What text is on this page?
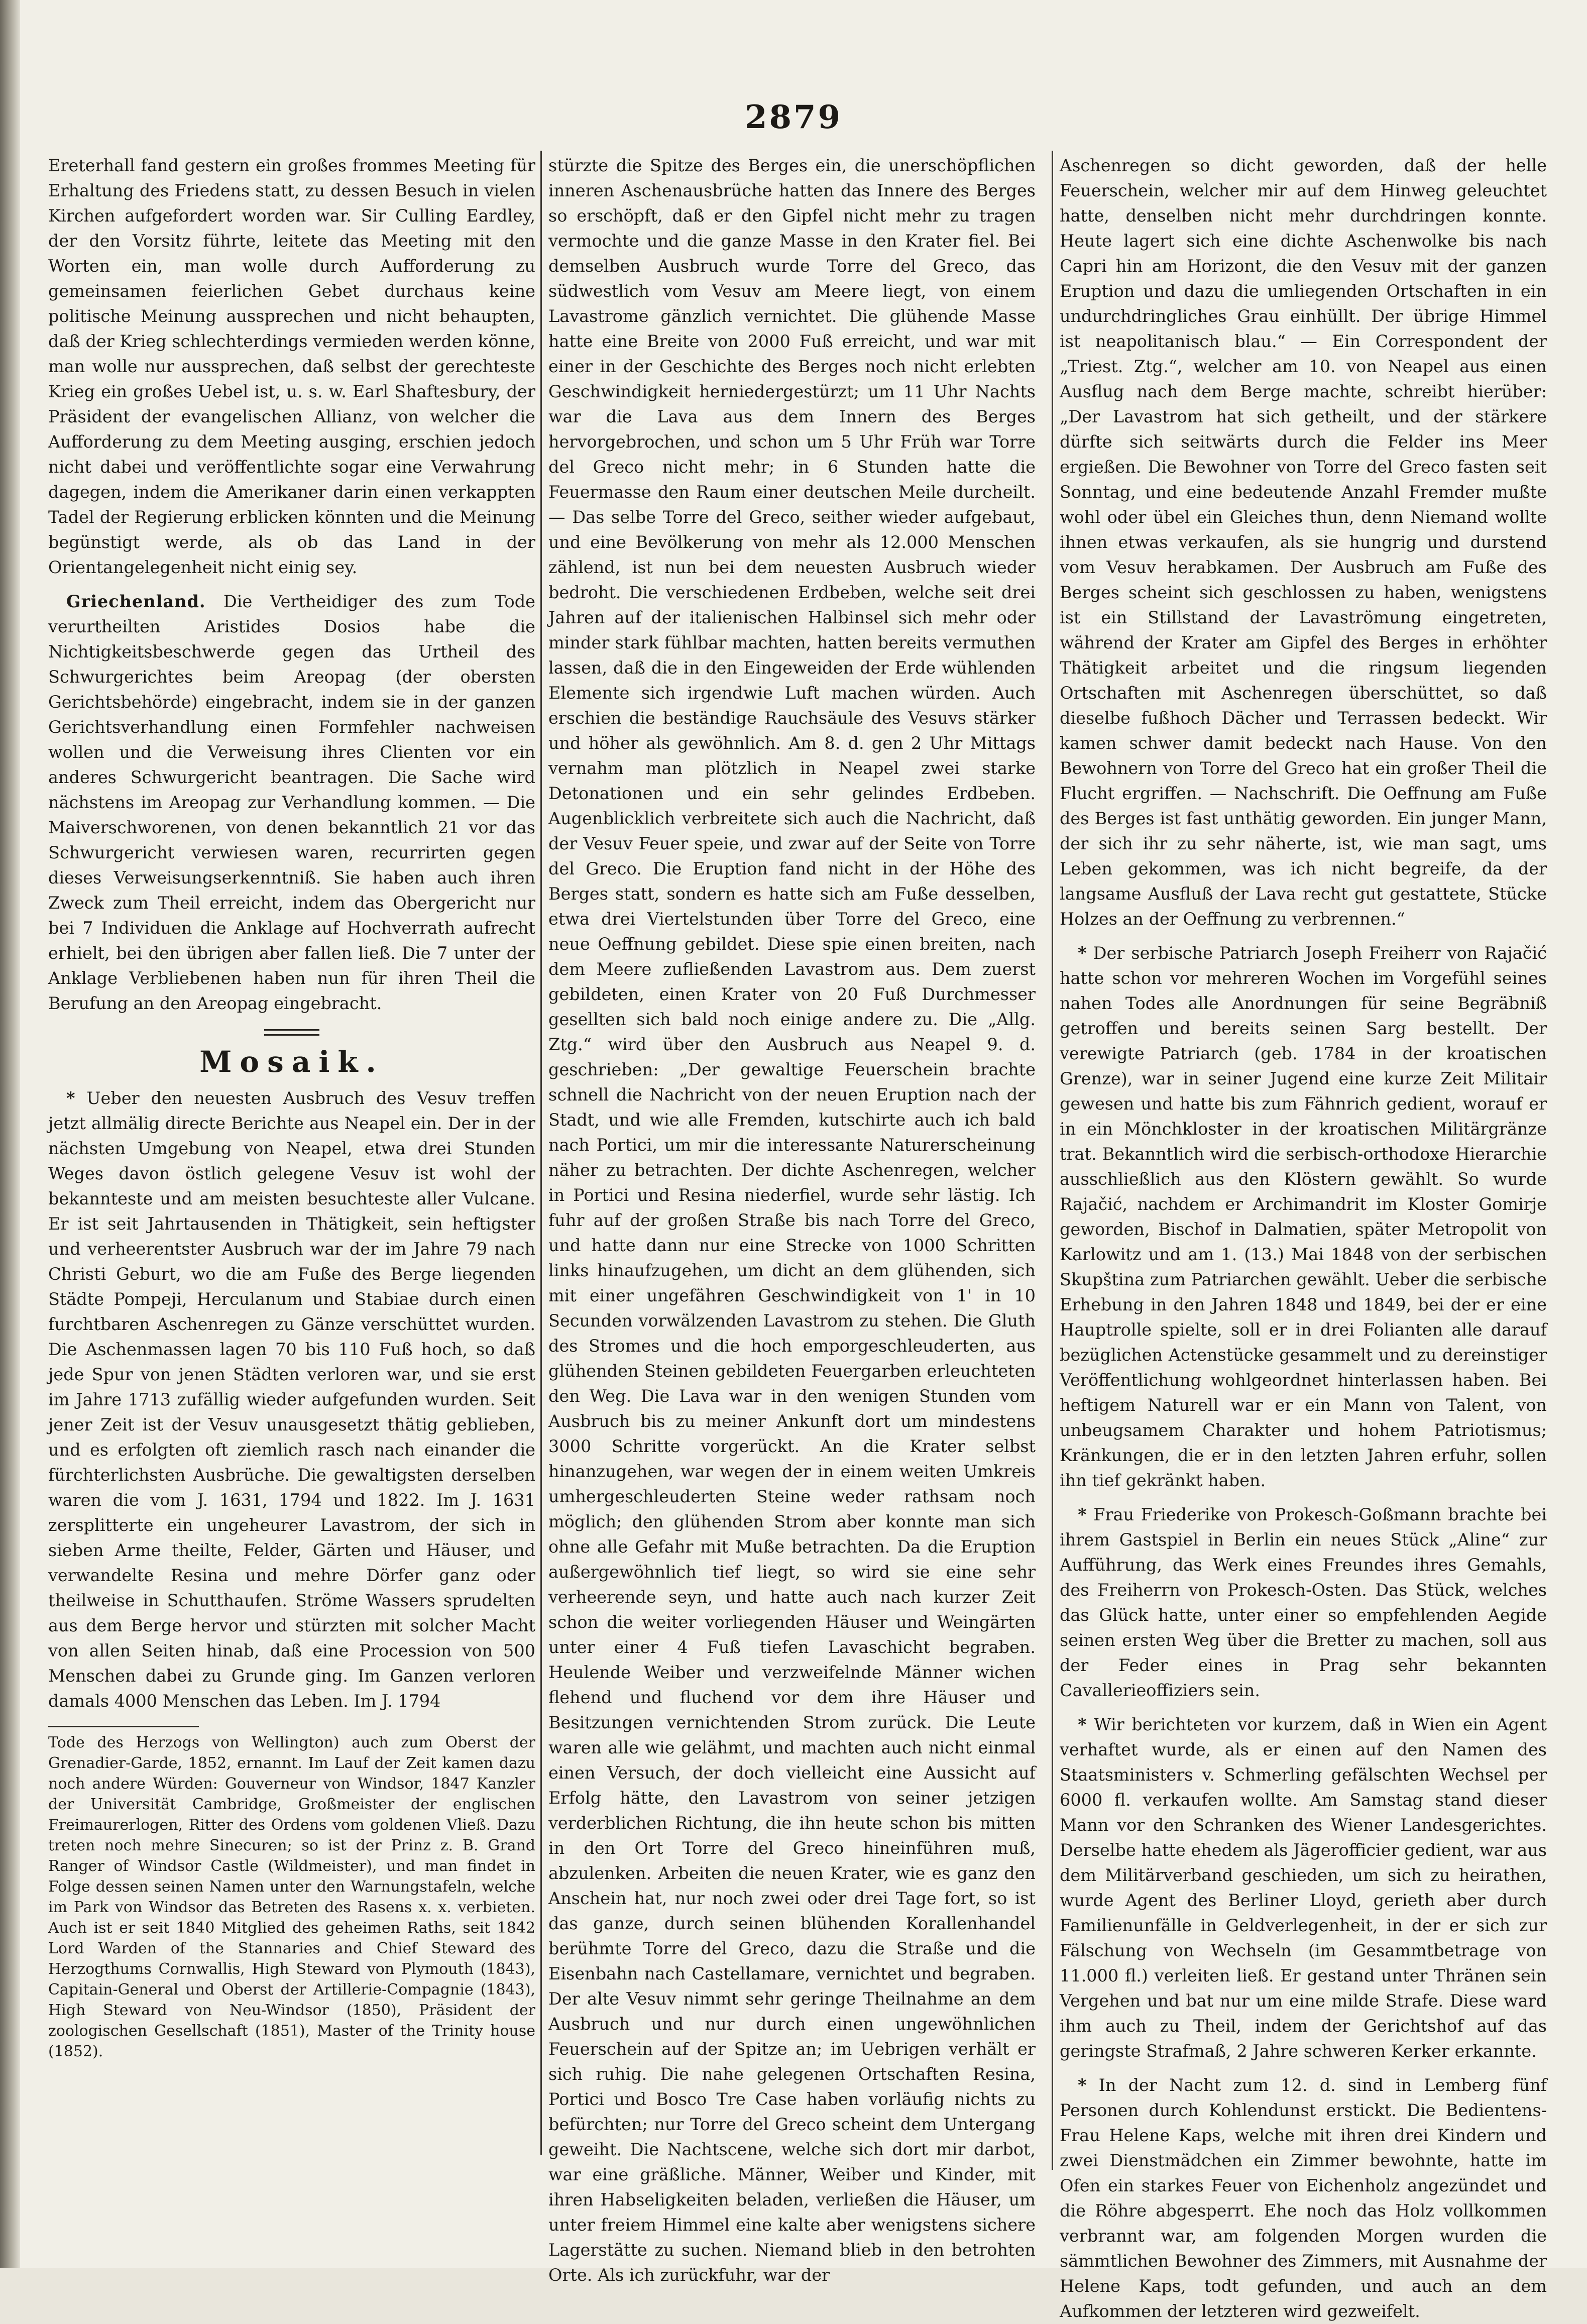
2879

Ereterhall fand gestern ein großes frommes Meeting für Erhaltung des Friedens statt, zu dessen Besuch in vielen Kirchen aufgefordert worden war. Sir Culling Eardley, der den Vorsitz führte, leitete das Meeting mit den Worten ein, man wolle durch Aufforderung zu gemeinsamen feierlichen Gebet durchaus keine politische Meinung aussprechen und nicht behaupten, daß der Krieg schlechterdings vermieden werden könne, man wolle nur aussprechen, daß selbst der gerechteste Krieg ein großes Uebel ist, u. s. w. Earl Shaftesbury, der Präsident der evangelischen Allianz, von welcher die Aufforderung zu dem Meeting ausging, erschien jedoch nicht dabei und veröffentlichte sogar eine Verwahrung dagegen, indem die Amerikaner darin einen verkappten Tadel der Regierung erblicken könnten und die Meinung begünstigt werde, als ob das Land in der Orientangelegenheit nicht einig sey.

Griechenland. Die Vertheidiger des zum Tode verurtheilten Aristides Dosios habe die Nichtigkeitsbeschwerde gegen das Urtheil des Schwurgerichtes beim Areopag (der obersten Gerichtsbehörde) eingebracht, indem sie in der ganzen Gerichtsverhandlung einen Formfehler nachweisen wollen und die Verweisung ihres Clienten vor ein anderes Schwurgericht beantragen. Die Sache wird nächstens im Areopag zur Verhandlung kommen. — Die Maiverschworenen, von denen bekanntlich 21 vor das Schwurgericht verwiesen waren, recurrirten gegen dieses Verweisungserkenntniß. Sie haben auch ihren Zweck zum Theil erreicht, indem das Obergericht nur bei 7 Individuen die Anklage auf Hochverrath aufrecht erhielt, bei den übrigen aber fallen ließ. Die 7 unter der Anklage Verbliebenen haben nun für ihren Theil die Berufung an den Areopag eingebracht.

Mosaik.

* Ueber den neuesten Ausbruch des Vesuv treffen jetzt allmälig directe Berichte aus Neapel ein. Der in der nächsten Umgebung von Neapel, etwa drei Stunden Weges davon östlich gelegene Vesuv ist wohl der bekannteste und am meisten besuchteste aller Vulcane. Er ist seit Jahrtausenden in Thätigkeit, sein heftigster und verheerentster Ausbruch war der im Jahre 79 nach Christi Geburt, wo die am Fuße des Berge liegenden Städte Pompeji, Herculanum und Stabiae durch einen furchtbaren Aschenregen zu Gänze verschüttet wurden. Die Aschenmassen lagen 70 bis 110 Fuß hoch, so daß jede Spur von jenen Städten verloren war, und sie erst im Jahre 1713 zufällig wieder aufgefunden wurden. Seit jener Zeit ist der Vesuv unausgesetzt thätig geblieben, und es erfolgten oft ziemlich rasch nach einander die fürchterlichsten Ausbrüche. Die gewaltigsten derselben waren die vom J. 1631, 1794 und 1822. Im J. 1631 zersplitterte ein ungeheurer Lavastrom, der sich in sieben Arme theilte, Felder, Gärten und Häuser, und verwandelte Resina und mehre Dörfer ganz oder theilweise in Schutthaufen. Ströme Wassers sprudelten aus dem Berge hervor und stürzten mit solcher Macht von allen Seiten hinab, daß eine Procession von 500 Menschen dabei zu Grunde ging. Im Ganzen verloren damals 4000 Menschen das Leben. Im J. 1794

Tode des Herzogs von Wellington) auch zum Oberst der Grenadier-Garde, 1852, ernannt. Im Lauf der Zeit kamen dazu noch andere Würden: Gouverneur von Windsor, 1847 Kanzler der Universität Cambridge, Großmeister der englischen Freimaurerlogen, Ritter des Ordens vom goldenen Vließ. Dazu treten noch mehre Sinecuren; so ist der Prinz z. B. Grand Ranger of Windsor Castle (Wildmeister), und man findet in Folge dessen seinen Namen unter den Warnungstafeln, welche im Park von Windsor das Betreten des Rasens x. x. verbieten. Auch ist er seit 1840 Mitglied des geheimen Raths, seit 1842 Lord Warden of the Stannaries and Chief Steward des Herzogthums Cornwallis, High Steward von Plymouth (1843), Capitain-General und Oberst der Artillerie-Compagnie (1843), High Steward von Neu-Windsor (1850), Präsident der zoologischen Gesellschaft (1851), Master of the Trinity house (1852).

stürzte die Spitze des Berges ein, die unerschöpflichen inneren Aschenausbrüche hatten das Innere des Berges so erschöpft, daß er den Gipfel nicht mehr zu tragen vermochte und die ganze Masse in den Krater fiel. Bei demselben Ausbruch wurde Torre del Greco, das südwestlich vom Vesuv am Meere liegt, von einem Lavastrome gänzlich vernichtet. Die glühende Masse hatte eine Breite von 2000 Fuß erreicht, und war mit einer in der Geschichte des Berges noch nicht erlebten Geschwindigkeit herniedergestürzt; um 11 Uhr Nachts war die Lava aus dem Innern des Berges hervorgebrochen, und schon um 5 Uhr Früh war Torre del Greco nicht mehr; in 6 Stunden hatte die Feuermasse den Raum einer deutschen Meile durcheilt. — Das selbe Torre del Greco, seither wieder aufgebaut, und eine Bevölkerung von mehr als 12.000 Menschen zählend, ist nun bei dem neuesten Ausbruch wieder bedroht. Die verschiedenen Erdbeben, welche seit drei Jahren auf der italienischen Halbinsel sich mehr oder minder stark fühlbar machten, hatten bereits vermuthen lassen, daß die in den Eingeweiden der Erde wühlenden Elemente sich irgendwie Luft machen würden. Auch erschien die beständige Rauchsäule des Vesuvs stärker und höher als gewöhnlich. Am 8. d. gen 2 Uhr Mittags vernahm man plötzlich in Neapel zwei starke Detonationen und ein sehr gelindes Erdbeben. Augenblicklich verbreitete sich auch die Nachricht, daß der Vesuv Feuer speie, und zwar auf der Seite von Torre del Greco. Die Eruption fand nicht in der Höhe des Berges statt, sondern es hatte sich am Fuße desselben, etwa drei Viertelstunden über Torre del Greco, eine neue Oeffnung gebildet. Diese spie einen breiten, nach dem Meere zufließenden Lavastrom aus. Dem zuerst gebildeten, einen Krater von 20 Fuß Durchmesser gesellten sich bald noch einige andere zu. Die „Allg. Ztg.“ wird über den Ausbruch aus Neapel 9. d. geschrieben: „Der gewaltige Feuerschein brachte schnell die Nachricht von der neuen Eruption nach der Stadt, und wie alle Fremden, kutschirte auch ich bald nach Portici, um mir die interessante Naturerscheinung näher zu betrachten. Der dichte Aschenregen, welcher in Portici und Resina niederfiel, wurde sehr lästig. Ich fuhr auf der großen Straße bis nach Torre del Greco, und hatte dann nur eine Strecke von 1000 Schritten links hinaufzugehen, um dicht an dem glühenden, sich mit einer ungefähren Geschwindigkeit von 1' in 10 Secunden vorwälzenden Lavastrom zu stehen. Die Gluth des Stromes und die hoch emporgeschleuderten, aus glühenden Steinen gebildeten Feuergarben erleuchteten den Weg. Die Lava war in den wenigen Stunden vom Ausbruch bis zu meiner Ankunft dort um mindestens 3000 Schritte vorgerückt. An die Krater selbst hinanzugehen, war wegen der in einem weiten Umkreis umhergeschleuderten Steine weder rathsam noch möglich; den glühenden Strom aber konnte man sich ohne alle Gefahr mit Muße betrachten. Da die Eruption außergewöhnlich tief liegt, so wird sie eine sehr verheerende seyn, und hatte auch nach kurzer Zeit schon die weiter vorliegenden Häuser und Weingärten unter einer 4 Fuß tiefen Lavaschicht begraben. Heulende Weiber und verzweifelnde Männer wichen flehend und fluchend vor dem ihre Häuser und Besitzungen vernichtenden Strom zurück. Die Leute waren alle wie gelähmt, und machten auch nicht einmal einen Versuch, der doch vielleicht eine Aussicht auf Erfolg hätte, den Lavastrom von seiner jetzigen verderblichen Richtung, die ihn heute schon bis mitten in den Ort Torre del Greco hineinführen muß, abzulenken. Arbeiten die neuen Krater, wie es ganz den Anschein hat, nur noch zwei oder drei Tage fort, so ist das ganze, durch seinen blühenden Korallenhandel berühmte Torre del Greco, dazu die Straße und die Eisenbahn nach Castellamare, vernichtet und begraben. Der alte Vesuv nimmt sehr geringe Theilnahme an dem Ausbruch und nur durch einen ungewöhnlichen Feuerschein auf der Spitze an; im Uebrigen verhält er sich ruhig. Die nahe gelegenen Ortschaften Resina, Portici und Bosco Tre Case haben vorläufig nichts zu befürchten; nur Torre del Greco scheint dem Untergang geweiht. Die Nachtscene, welche sich dort mir darbot, war eine gräßliche. Männer, Weiber und Kinder, mit ihren Habseligkeiten beladen, verließen die Häuser, um unter freiem Himmel eine kalte aber wenigstens sichere Lagerstätte zu suchen. Niemand blieb in den betrohten Orte. Als ich zurückfuhr, war der

Aschenregen so dicht geworden, daß der helle Feuerschein, welcher mir auf dem Hinweg geleuchtet hatte, denselben nicht mehr durchdringen konnte. Heute lagert sich eine dichte Aschenwolke bis nach Capri hin am Horizont, die den Vesuv mit der ganzen Eruption und dazu die umliegenden Ortschaften in ein undurchdringliches Grau einhüllt. Der übrige Himmel ist neapolitanisch blau.“ — Ein Correspondent der „Triest. Ztg.“, welcher am 10. von Neapel aus einen Ausflug nach dem Berge machte, schreibt hierüber: „Der Lavastrom hat sich getheilt, und der stärkere dürfte sich seitwärts durch die Felder ins Meer ergießen. Die Bewohner von Torre del Greco fasten seit Sonntag, und eine bedeutende Anzahl Fremder mußte wohl oder übel ein Gleiches thun, denn Niemand wollte ihnen etwas verkaufen, als sie hungrig und durstend vom Vesuv herabkamen. Der Ausbruch am Fuße des Berges scheint sich geschlossen zu haben, wenigstens ist ein Stillstand der Lavaströmung eingetreten, während der Krater am Gipfel des Berges in erhöhter Thätigkeit arbeitet und die ringsum liegenden Ortschaften mit Aschenregen überschüttet, so daß dieselbe fußhoch Dächer und Terrassen bedeckt. Wir kamen schwer damit bedeckt nach Hause. Von den Bewohnern von Torre del Greco hat ein großer Theil die Flucht ergriffen. — Nachschrift. Die Oeffnung am Fuße des Berges ist fast unthätig geworden. Ein junger Mann, der sich ihr zu sehr näherte, ist, wie man sagt, ums Leben gekommen, was ich nicht begreife, da der langsame Ausfluß der Lava recht gut gestattete, Stücke Holzes an der Oeffnung zu verbrennen.“

* Der serbische Patriarch Joseph Freiherr von Rajačić hatte schon vor mehreren Wochen im Vorgefühl seines nahen Todes alle Anordnungen für seine Begräbniß getroffen und bereits seinen Sarg bestellt. Der verewigte Patriarch (geb. 1784 in der kroatischen Grenze), war in seiner Jugend eine kurze Zeit Militair gewesen und hatte bis zum Fähnrich gedient, worauf er in ein Mönchkloster in der kroatischen Militärgränze trat. Bekanntlich wird die serbisch-orthodoxe Hierarchie ausschließlich aus den Klöstern gewählt. So wurde Rajačić, nachdem er Archimandrit im Kloster Gomirje geworden, Bischof in Dalmatien, später Metropolit von Karlowitz und am 1. (13.) Mai 1848 von der serbischen Skupština zum Patriarchen gewählt. Ueber die serbische Erhebung in den Jahren 1848 und 1849, bei der er eine Hauptrolle spielte, soll er in drei Folianten alle darauf bezüglichen Actenstücke gesammelt und zu dereinstiger Veröffentlichung wohlgeordnet hinterlassen haben. Bei heftigem Naturell war er ein Mann von Talent, von unbeugsamem Charakter und hohem Patriotismus; Kränkungen, die er in den letzten Jahren erfuhr, sollen ihn tief gekränkt haben.

* Frau Friederike von Prokesch-Goßmann brachte bei ihrem Gastspiel in Berlin ein neues Stück „Aline“ zur Aufführung, das Werk eines Freundes ihres Gemahls, des Freiherrn von Prokesch-Osten. Das Stück, welches das Glück hatte, unter einer so empfehlenden Aegide seinen ersten Weg über die Bretter zu machen, soll aus der Feder eines in Prag sehr bekannten Cavallerieoffiziers sein.

* Wir berichteten vor kurzem, daß in Wien ein Agent verhaftet wurde, als er einen auf den Namen des Staatsministers v. Schmerling gefälschten Wechsel per 6000 fl. verkaufen wollte. Am Samstag stand dieser Mann vor den Schranken des Wiener Landesgerichtes. Derselbe hatte ehedem als Jägerofficier gedient, war aus dem Militärverband geschieden, um sich zu heirathen, wurde Agent des Berliner Lloyd, gerieth aber durch Familienunfälle in Geldverlegenheit, in der er sich zur Fälschung von Wechseln (im Gesammtbetrage von 11.000 fl.) verleiten ließ. Er gestand unter Thränen sein Vergehen und bat nur um eine milde Strafe. Diese ward ihm auch zu Theil, indem der Gerichtshof auf das geringste Strafmaß, 2 Jahre schweren Kerker erkannte.

* In der Nacht zum 12. d. sind in Lemberg fünf Personen durch Kohlendunst erstickt. Die Bedientens-Frau Helene Kaps, welche mit ihren drei Kindern und zwei Dienstmädchen ein Zimmer bewohnte, hatte im Ofen ein starkes Feuer von Eichenholz angezündet und die Röhre abgesperrt. Ehe noch das Holz vollkommen verbrannt war, am folgenden Morgen wurden die sämmtlichen Bewohner des Zimmers, mit Ausnahme der Helene Kaps, todt gefunden, und auch an dem Aufkommen der letzteren wird gezweifelt.
